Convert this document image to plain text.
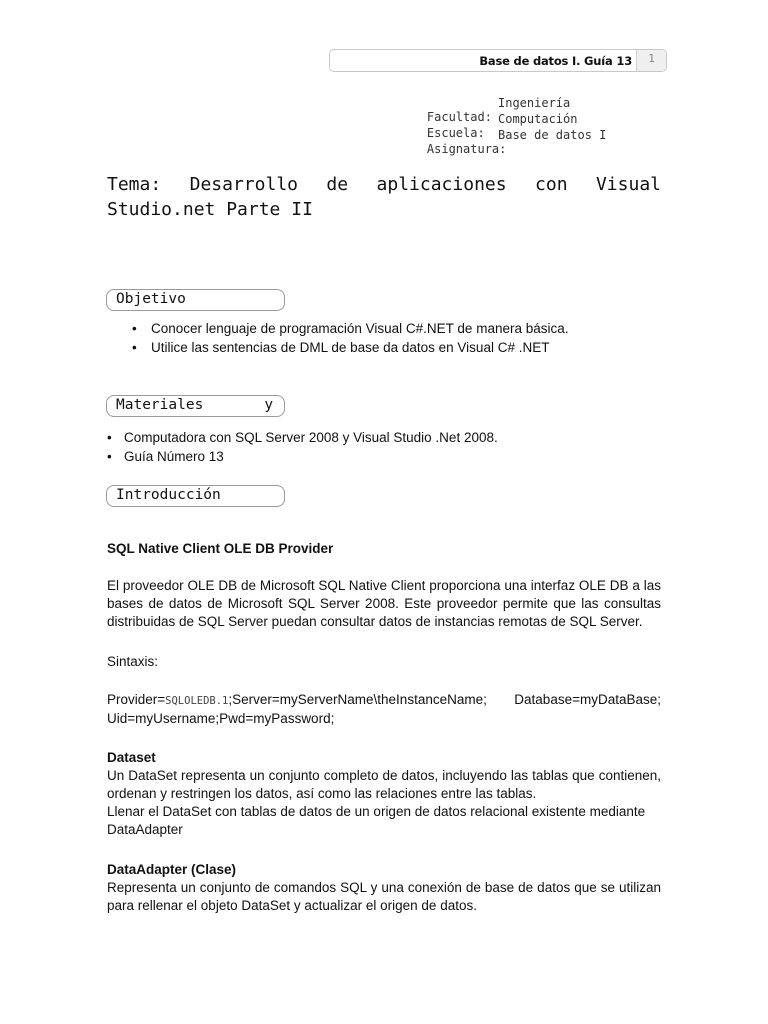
Base de datos I. Guía 13	1

Facultad:

Ingeniería

Escuela:

Computación

Asignatura:

Base de datos I

Tema: Desarrollo de aplicaciones con Visual Studio.net Parte II
Objetivo
• Conocer lenguaje de programación Visual C#.NET de manera básica.
• Utilice las sentencias de DML de base da datos en Visual C# .NET
Materiales       y
• Computadora con SQL Server 2008 y Visual Studio .Net 2008.
• Guía Número 13
Introducción
SQL Native Client OLE DB Provider
El proveedor OLE DB de Microsoft SQL Native Client proporciona una interfaz OLE DB a las bases de datos de Microsoft SQL Server 2008. Este proveedor permite que las consultas distribuidas de SQL Server puedan consultar datos de instancias remotas de SQL Server.
Sintaxis:
Provider=SQLOLEDB.1;Server=myServerName\theInstanceName; Database=myDataBase; Uid=myUsername;Pwd=myPassword;
Dataset
Un DataSet representa un conjunto completo de datos, incluyendo las tablas que contienen, ordenan y restringen los datos, así como las relaciones entre las tablas.
Llenar el DataSet con tablas de datos de un origen de datos relacional existente mediante DataAdapter
DataAdapter (Clase)
Representa un conjunto de comandos SQL y una conexión de base de datos que se utilizan para rellenar el objeto DataSet y actualizar el origen de datos.
